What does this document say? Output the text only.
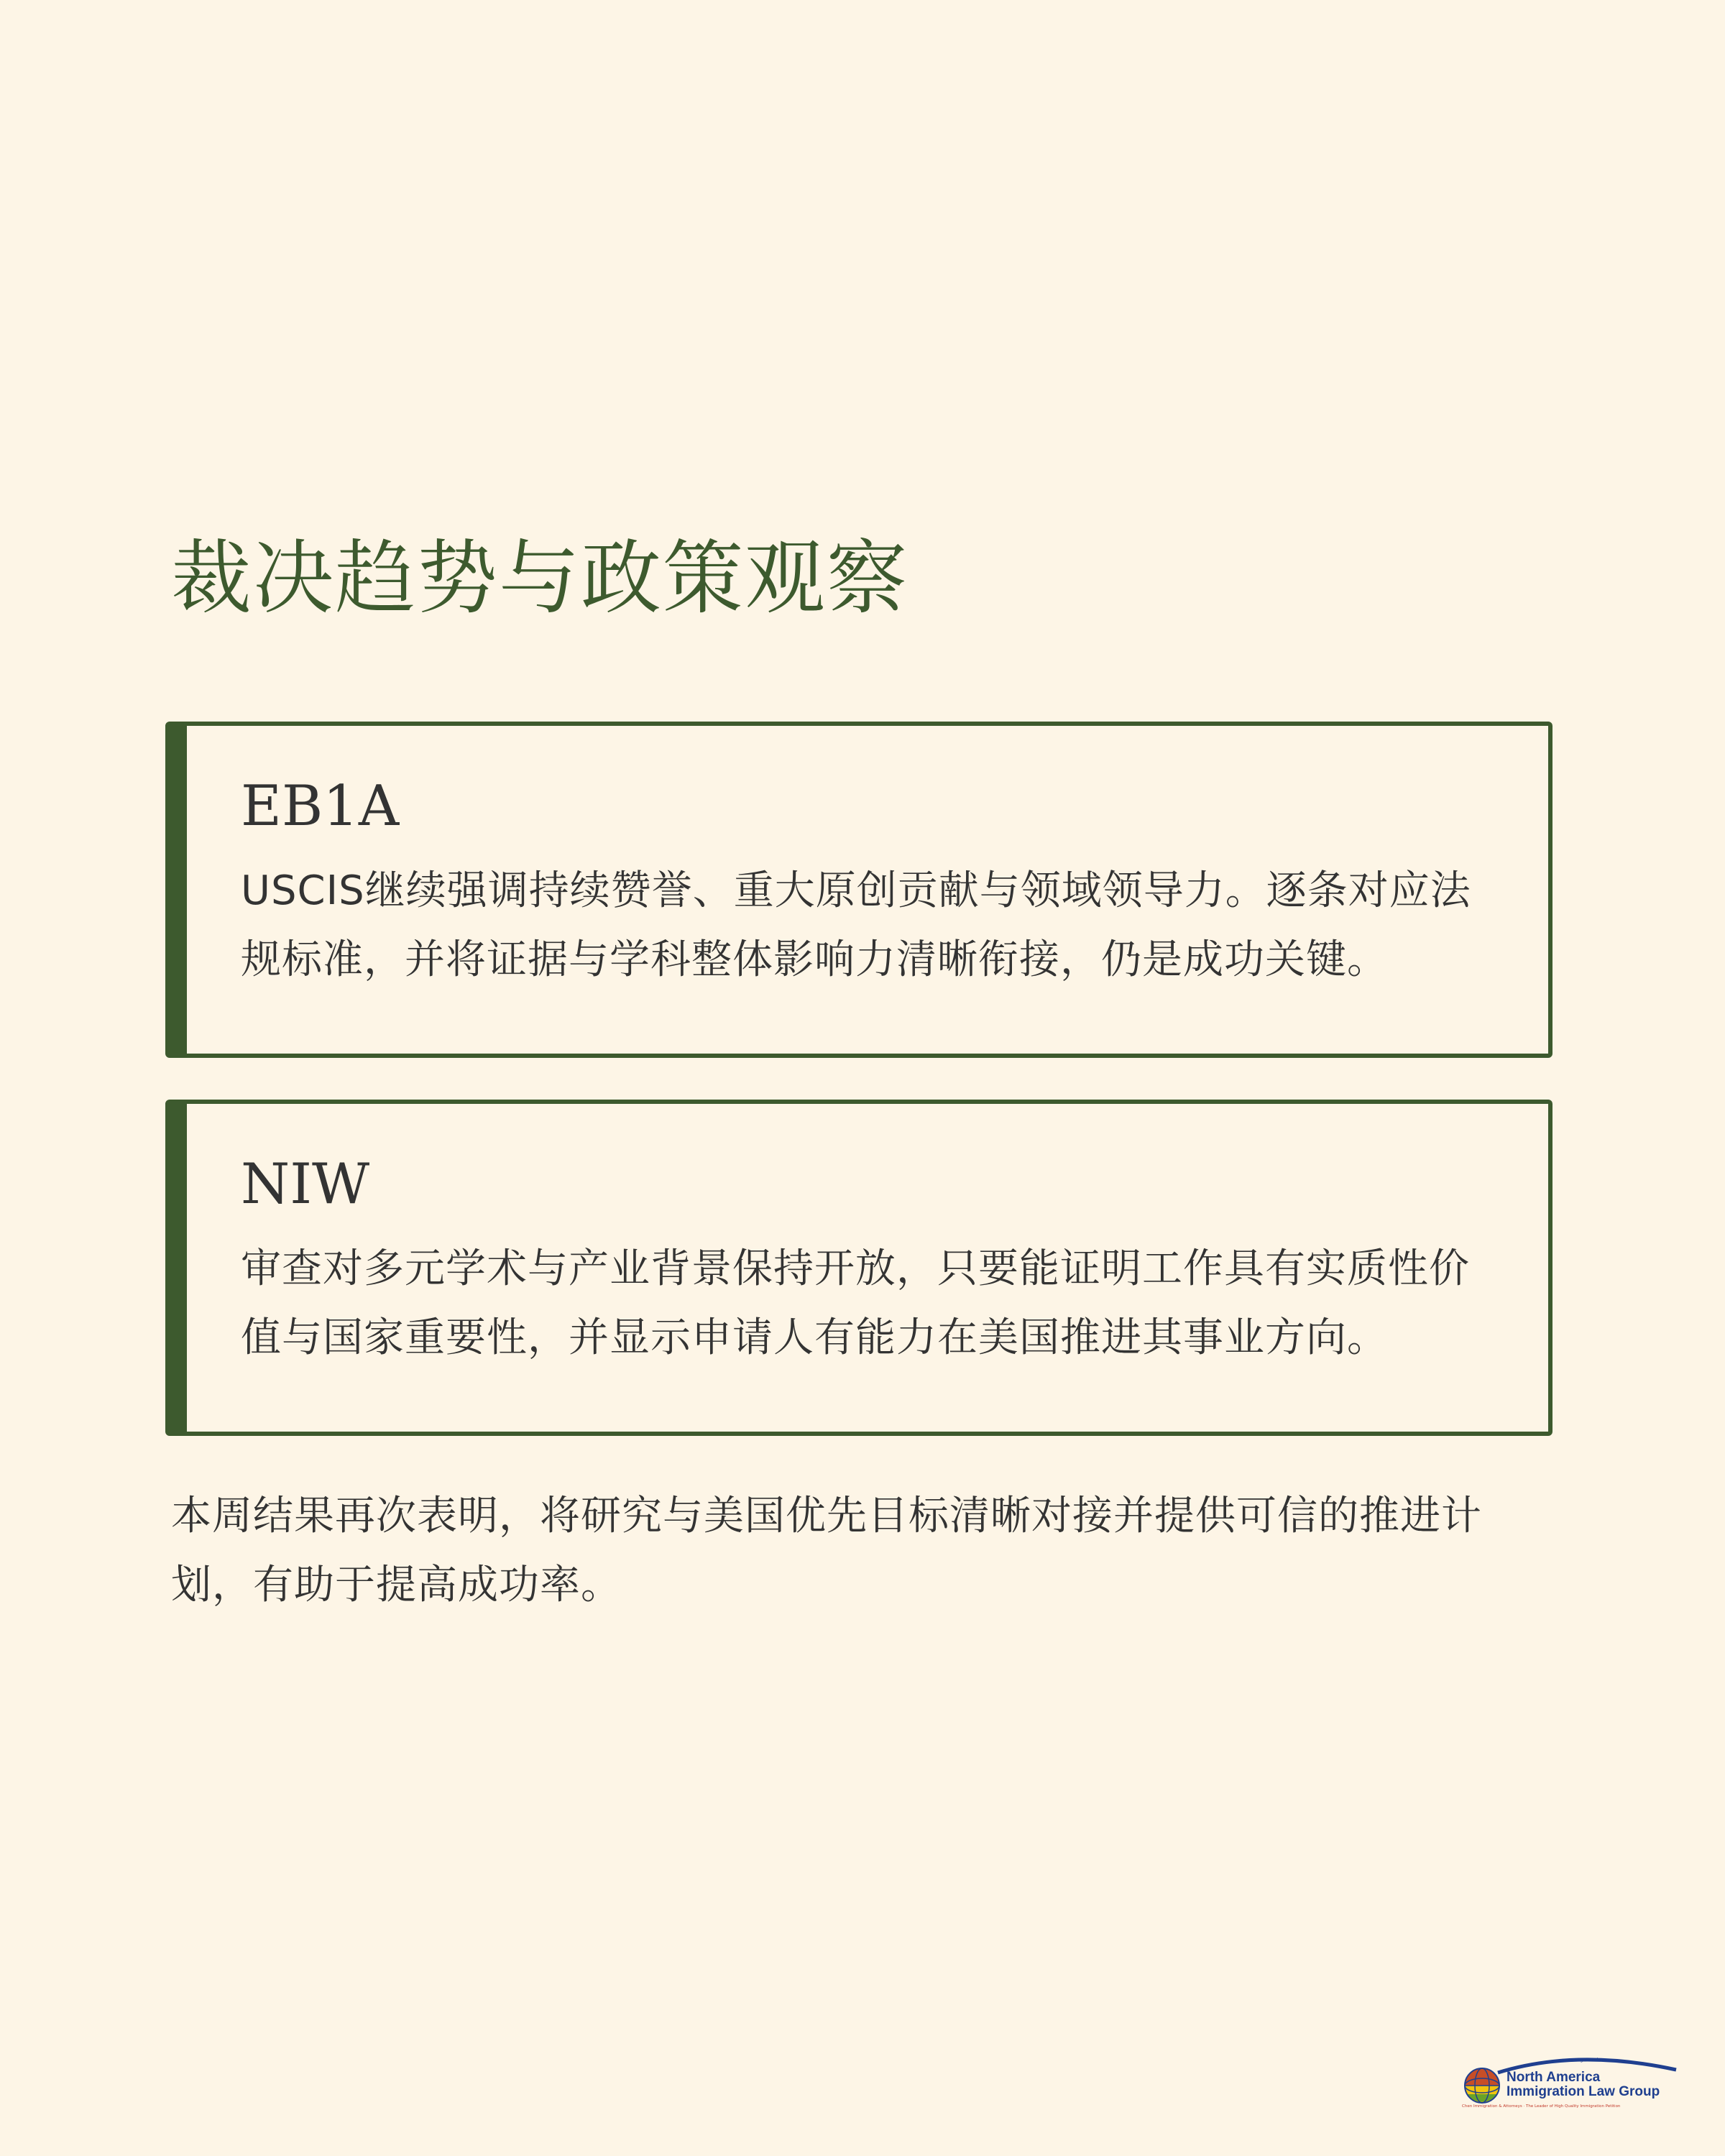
裁决趋势与政策观察
EB1A

USCIS继续强调持续赞誉、重大原创贡献与领域领导力。逐条对应法规标准，并将证据与学科整体影响力清晰衔接，仍是成功关键。

NIW

审查对多元学术与产业背景保持开放，只要能证明工作具有实质性价值与国家重要性，并显示申请人有能力在美国推进其事业方向。

本周结果再次表明，将研究与美国优先目标清晰对接并提供可信的推进计划，有助于提高成功率。

www.wegreened.com
North America
Immigration Law Group
Chen Immigration & Attorneys · The Leader of High Quality Immigration Petition
